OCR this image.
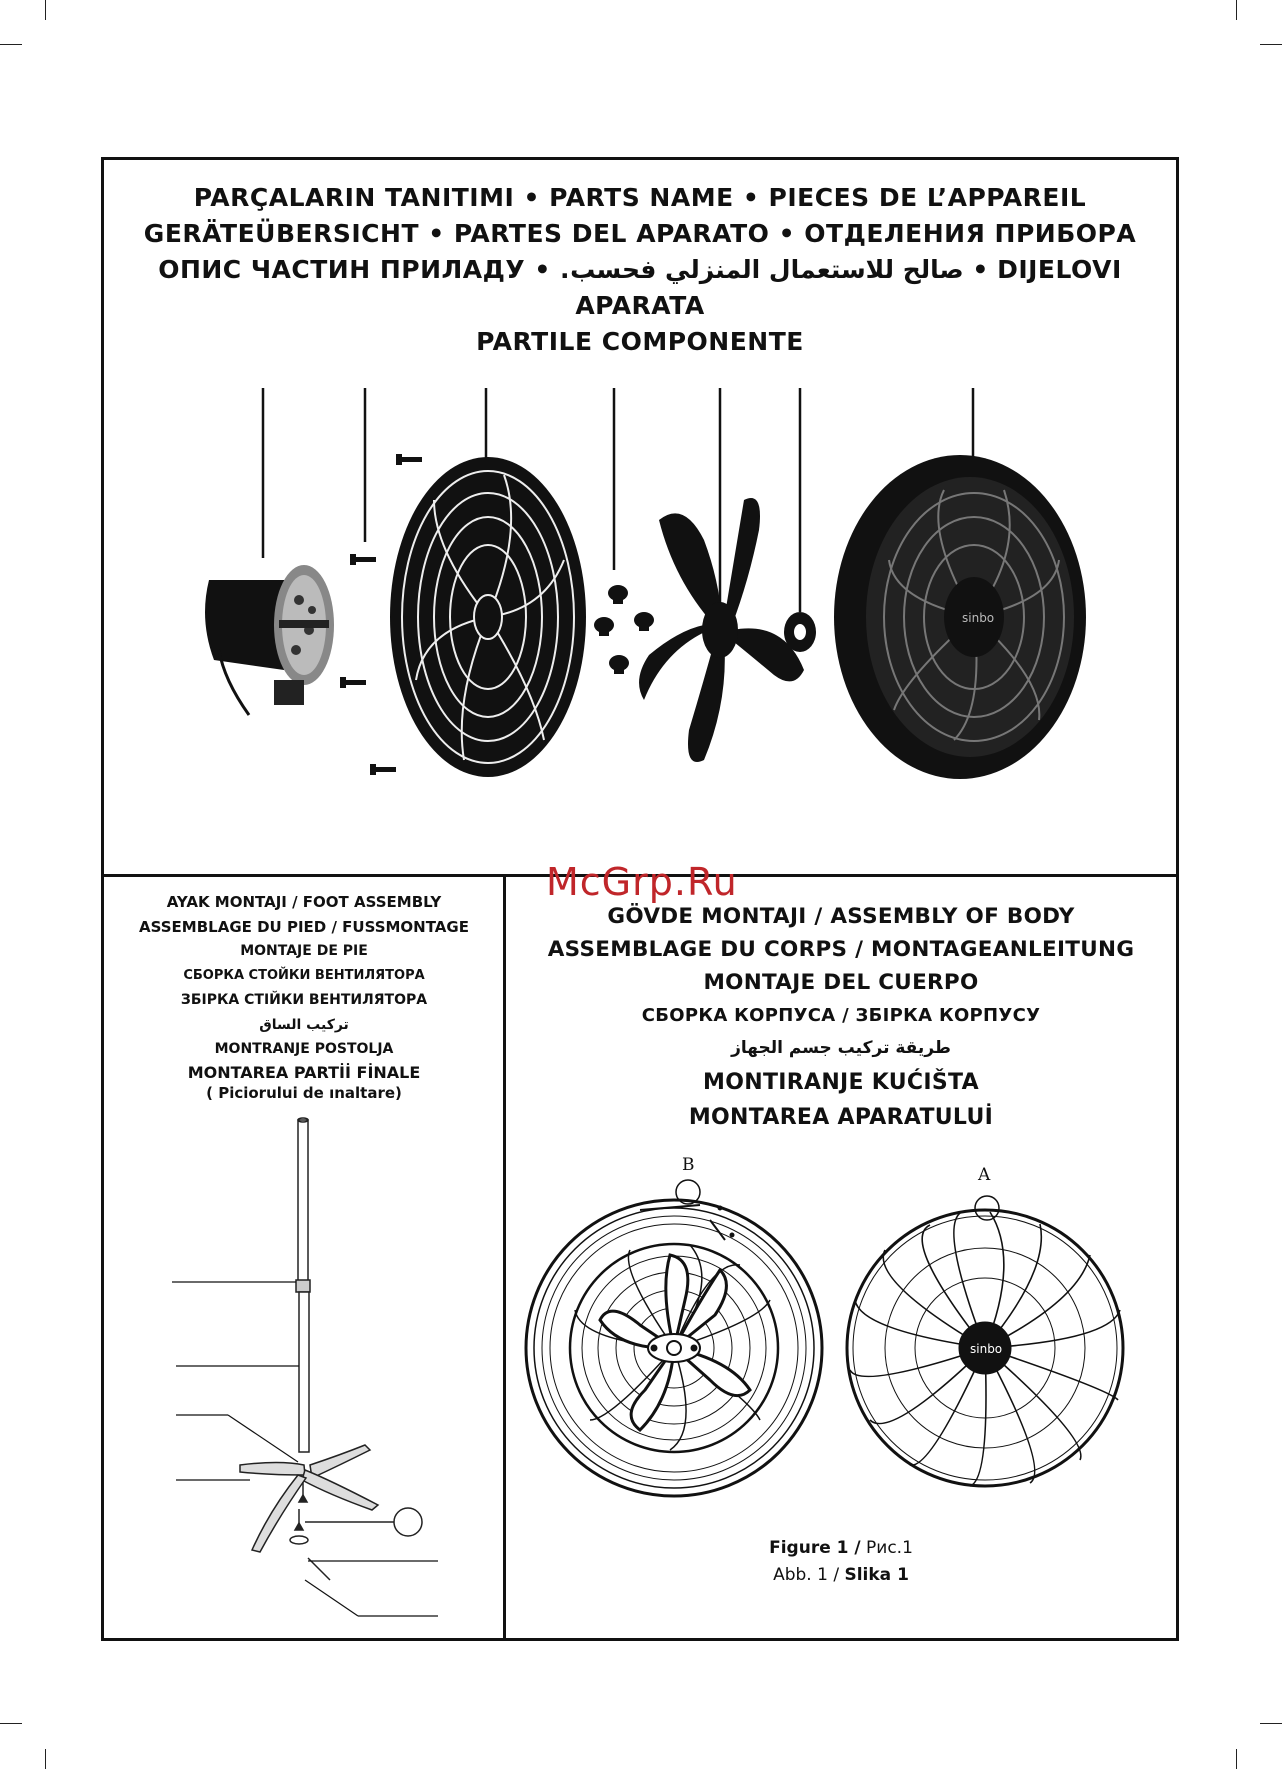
PARÇALARIN TANITIMI • PARTS NAME • PIECES DE L’APPAREIL
GERÄTEÜBERSICHT • PARTES DEL APARATO • ОТДЕЛЕНИЯ ПРИБОРА
ОПИС ЧАСТИН ПРИЛАДУ • .صالح للاستعمال المنزلي فحسب • DIJELOVI APARATA
PARTILE COMPONENTE
sinbo
McGrp.Ru
AYAK MONTAJI / FOOT ASSEMBLY
ASSEMBLAGE DU PIED / FUSSMONTAGE
MONTAJE DE PIE
СБОРКА СТОЙКИ ВЕНТИЛЯТОРА
ЗБІРКА СТІЙКИ ВЕНТИЛЯТОРА
تركيب الساق
MONTRANJE POSTOLJA
MONTAREA PARTİİ FİNALE
( Piciorului de ınaltare)
GÖVDE MONTAJI / ASSEMBLY OF BODY
ASSEMBLAGE DU CORPS / MONTAGEANLEITUNG
MONTAJE DEL CUERPO
СБОРКА КОРПУСА / ЗБІРКА КОРПУСУ
طريقة تركيب جسم الجهاز
MONTIRANJE KUĆIŠTA
MONTAREA APARATULUİ
B	A
sinbo
Figure 1 / Рис.1
Abb. 1 / Slika 1
